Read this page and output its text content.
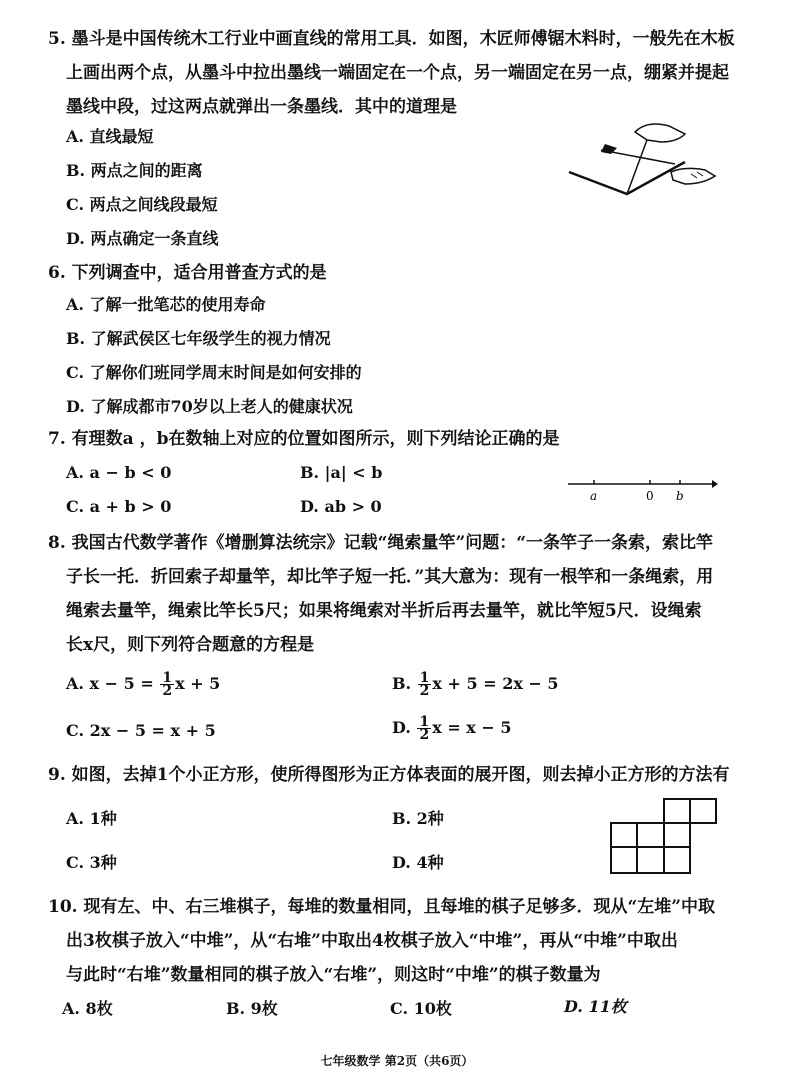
5. 墨斗是中国传统木工行业中画直线的常用工具．如图，木匠师傅锯木料时，一般先在木板
上画出两个点，从墨斗中拉出墨线一端固定在一个点，另一端固定在另一点，绷紧并提起
墨线中段，过这两点就弹出一条墨线．其中的道理是
A. 直线最短
B. 两点之间的距离
C. 两点之间线段最短
D. 两点确定一条直线
6. 下列调查中，适合用普查方式的是
A. 了解一批笔芯的使用寿命
B. 了解武侯区七年级学生的视力情况
C. 了解你们班同学周末时间是如何安排的
D. 了解成都市70岁以上老人的健康状况
7. 有理数a ，b在数轴上对应的位置如图所示，则下列结论正确的是
A. a − b < 0	B. |a| < b
C. a + b > 0	D. ab > 0
a	0 b
8. 我国古代数学著作《增删算法统宗》记载“绳索量竿”问题：“一条竿子一条索，索比竿
子长一托．折回索子却量竿，却比竿子短一托．”其大意为：现有一根竿和一条绳索，用
绳索去量竿，绳索比竿长5尺；如果将绳索对半折后再去量竿，就比竿短5尺．设绳索
长x尺，则下列符合题意的方程是
A. $x - 5 = \frac{1}{2}$ x + 5	B. $\frac{1}{2}$ x + 5 = 2x − 5
C. 2x − 5 = x + 5	D. $\frac{1}{2}$ x = x − 5
9. 如图，去掉1个小正方形，使所得图形为正方体表面的展开图，则去掉小正方形的方法有
A. 1种	B. 2种
C. 3种	D. 4种
10. 现有左、中、右三堆棋子，每堆的数量相同，且每堆的棋子足够多．现从“左堆”中取
出3枚棋子放入“中堆”，从“右堆”中取出4枚棋子放入“中堆”，再从“中堆”中取出
与此时“右堆”数量相同的棋子放入“右堆”，则这时“中堆”的棋子数量为
A. 8枚	B. 9枚	C. 10枚	D. 11枚
七年级数学 第2页（共6页）
